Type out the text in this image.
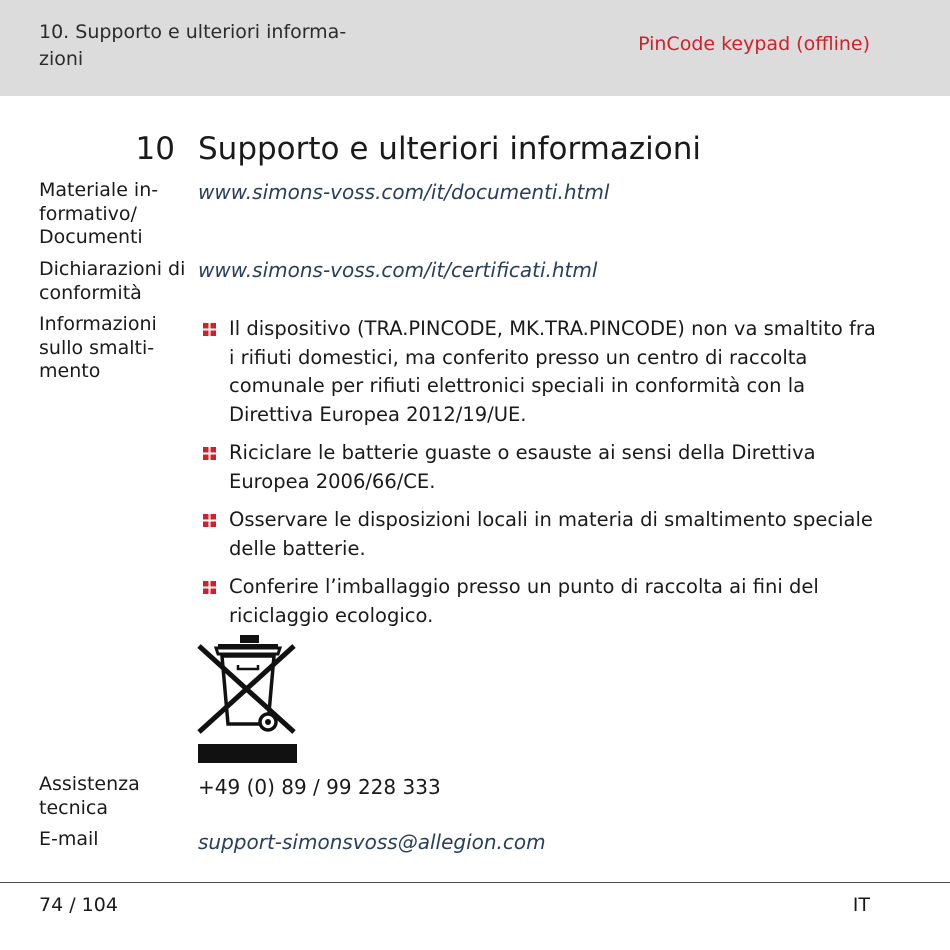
10. Supporto e ulteriori informa-zioni
PinCode keypad (offline)
10 Supporto e ulteriori informazioni
Materiale in-formativo/ Documenti
www.simons-voss.com/it/documenti.html
Dichiarazioni di conformità
www.simons-voss.com/it/certificati.html
Informazioni sullo smalti-mento
Il dispositivo (TRA.PINCODE, MK.TRA.PINCODE) non va smaltito fra i rifiuti domestici, ma conferito presso un centro di raccolta comunale per rifiuti elettronici speciali in conformità con la Direttiva Europea 2012/19/UE.
Riciclare le batterie guaste o esauste ai sensi della Direttiva Europea 2006/66/CE.
Osservare le disposizioni locali in materia di smaltimento speciale delle batterie.
Conferire l’imballaggio presso un punto di raccolta ai fini del riciclaggio ecologico.
Assistenza tecnica
+49 (0) 89 / 99 228 333
E-mail	support-simonsvoss@allegion.com
74 / 104	IT
